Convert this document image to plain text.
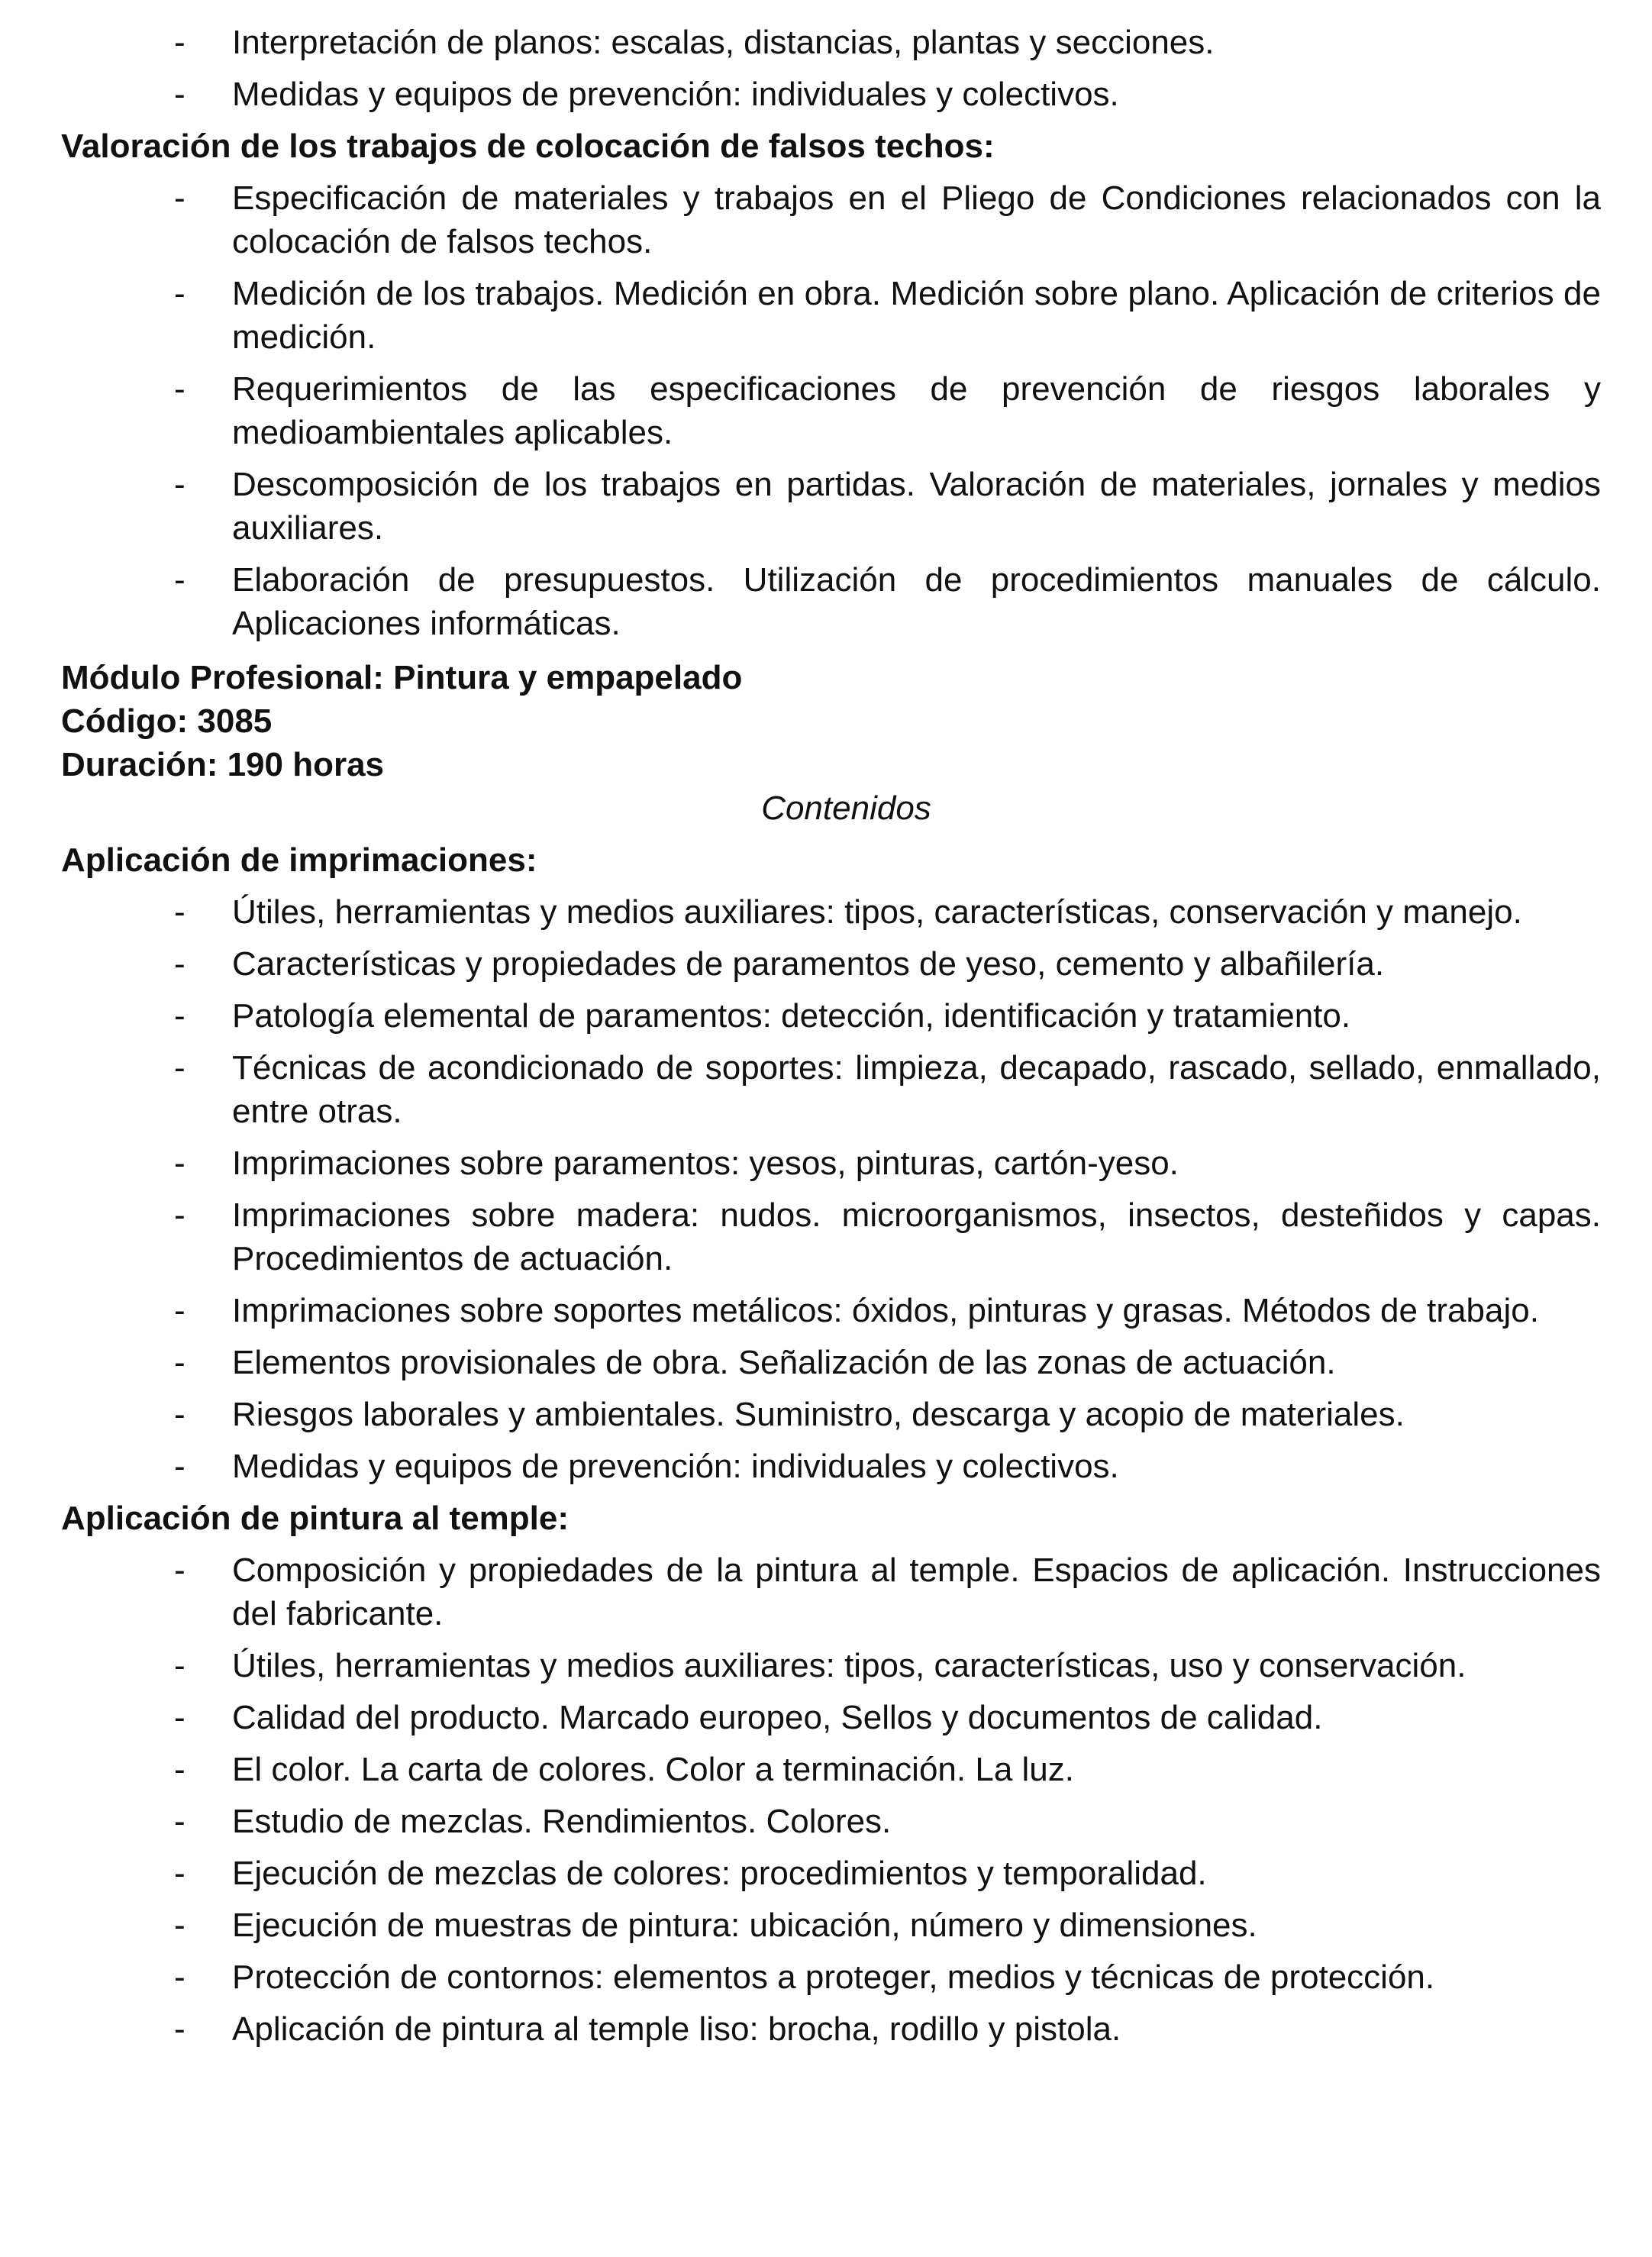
- Interpretación de planos: escalas, distancias, plantas y secciones.
- Medidas y equipos de prevención: individuales y colectivos.
Valoración de los trabajos de colocación de falsos techos:
- Especificación de materiales y trabajos en el Pliego de Condiciones relacionados con la colocación de falsos techos.
- Medición de los trabajos. Medición en obra. Medición sobre plano. Aplicación de criterios de medición.
- Requerimientos de las especificaciones de prevención de riesgos laborales y medioambientales aplicables.
- Descomposición de los trabajos en partidas. Valoración de materiales, jornales y medios auxiliares.
- Elaboración de presupuestos. Utilización de procedimientos manuales de cálculo. Aplicaciones informáticas.
Módulo Profesional: Pintura y empapelado
Código: 3085
Duración: 190 horas
Contenidos
Aplicación de imprimaciones:
- Útiles, herramientas y medios auxiliares: tipos, características, conservación y manejo.
- Características y propiedades de paramentos de yeso, cemento y albañilería.
- Patología elemental de paramentos: detección, identificación y tratamiento.
- Técnicas de acondicionado de soportes: limpieza, decapado, rascado, sellado, enmallado, entre otras.
- Imprimaciones sobre paramentos: yesos, pinturas, cartón-yeso.
- Imprimaciones sobre madera: nudos. microorganismos, insectos, desteñidos y capas. Procedimientos de actuación.
- Imprimaciones sobre soportes metálicos: óxidos, pinturas y grasas. Métodos de trabajo.
- Elementos provisionales de obra. Señalización de las zonas de actuación.
- Riesgos laborales y ambientales. Suministro, descarga y acopio de materiales.
- Medidas y equipos de prevención: individuales y colectivos.
Aplicación de pintura al temple:
- Composición y propiedades de la pintura al temple. Espacios de aplicación. Instrucciones del fabricante.
- Útiles, herramientas y medios auxiliares: tipos, características, uso y conservación.
- Calidad del producto. Marcado europeo, Sellos y documentos de calidad.
- El color. La carta de colores. Color a terminación. La luz.
- Estudio de mezclas. Rendimientos. Colores.
- Ejecución de mezclas de colores: procedimientos y temporalidad.
- Ejecución de muestras de pintura: ubicación, número y dimensiones.
- Protección de contornos: elementos a proteger, medios y técnicas de protección.
- Aplicación de pintura al temple liso: brocha, rodillo y pistola.
